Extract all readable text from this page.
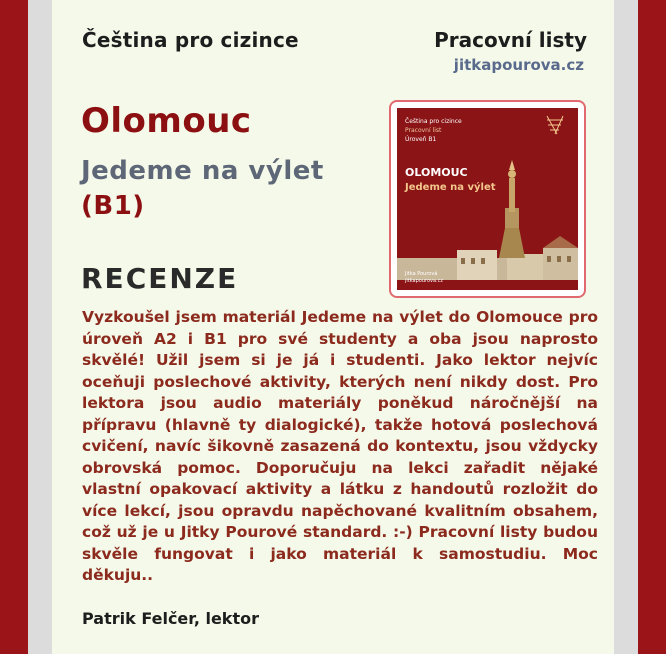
Čeština pro cizince	Pracovní listy
jitkapourova.cz
Olomouc
Jedeme na výlet
(B1)
Čeština pro cizince
Pracovní list
Úroveň B1
OLOMOUC
Jedeme na výlet
Jitka Pourová
jitkapourova.cz
RECENZE
Vyzkoušel jsem materiál Jedeme na výlet do Olomouce pro úroveň A2 i B1 pro své studenty a oba jsou naprosto skvělé! Užil jsem si je já i studenti. Jako lektor nejvíc oceňuji poslechové aktivity, kterých není nikdy dost. Pro lektora jsou audio materiály poněkud náročnější na přípravu (hlavně ty dialogické), takže hotová poslechová cvičení, navíc šikovně zasazená do kontextu, jsou vždycky obrovská pomoc. Doporučuju na lekci zařadit nějaké vlastní opakovací aktivity a látku z handoutů rozložit do více lekcí, jsou opravdu napěchované kvalitním obsahem, což už je u Jitky Pourové standard. :-) Pracovní listy budou skvěle fungovat i jako materiál k samostudiu. Moc děkuju..
Patrik Felčer, lektor
